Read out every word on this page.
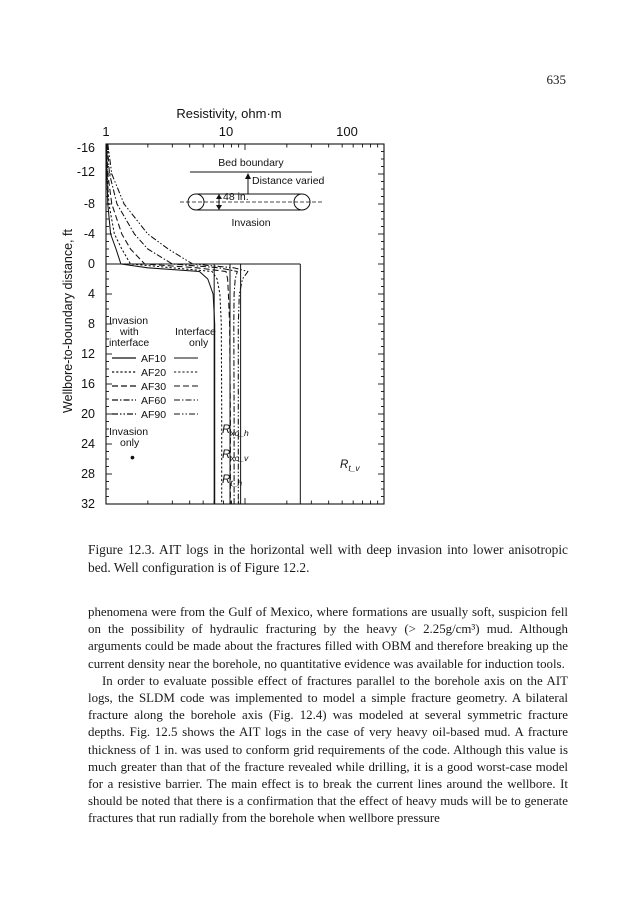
635
Resistivity, ohm·m
1	10	100
Wellbore-to-boundary distance, ft
-16
-12
-8
-4
0
4
8
12
16
20
24
28
32
Bed boundary
Distance varied
48 in.
Invasion
Invasion
with
interface
Interface
only
AF10
AF20
AF30
AF60
AF90
Invasion
only
•
$R_{xo\_h}$
$R_{xo\_v}$
$R_{t\_h}$
$R_{t\_v}$
Figure 12.3. AIT logs in the horizontal well with deep invasion into lower anisotropic bed. Well configuration is of Figure 12.2.

phenomena were from the Gulf of Mexico, where formations are usually soft, suspicion fell on the possibility of hydraulic fracturing by the heavy (> 2.25g/cm³) mud. Although arguments could be made about the fractures filled with OBM and therefore breaking up the current density near the borehole, no quantitative evidence was available for induction tools.

In order to evaluate possible effect of fractures parallel to the borehole axis on the AIT logs, the SLDM code was implemented to model a simple fracture geometry. A bilateral fracture along the borehole axis (Fig. 12.4) was modeled at several symmetric fracture depths. Fig. 12.5 shows the AIT logs in the case of very heavy oil-based mud. A fracture thickness of 1 in. was used to conform grid requirements of the code. Although this value is much greater than that of the fracture revealed while drilling, it is a good worst-case model for a resistive barrier. The main effect is to break the current lines around the wellbore. It should be noted that there is a confirmation that the effect of heavy muds will be to generate fractures that run radially from the borehole when wellbore pressure
